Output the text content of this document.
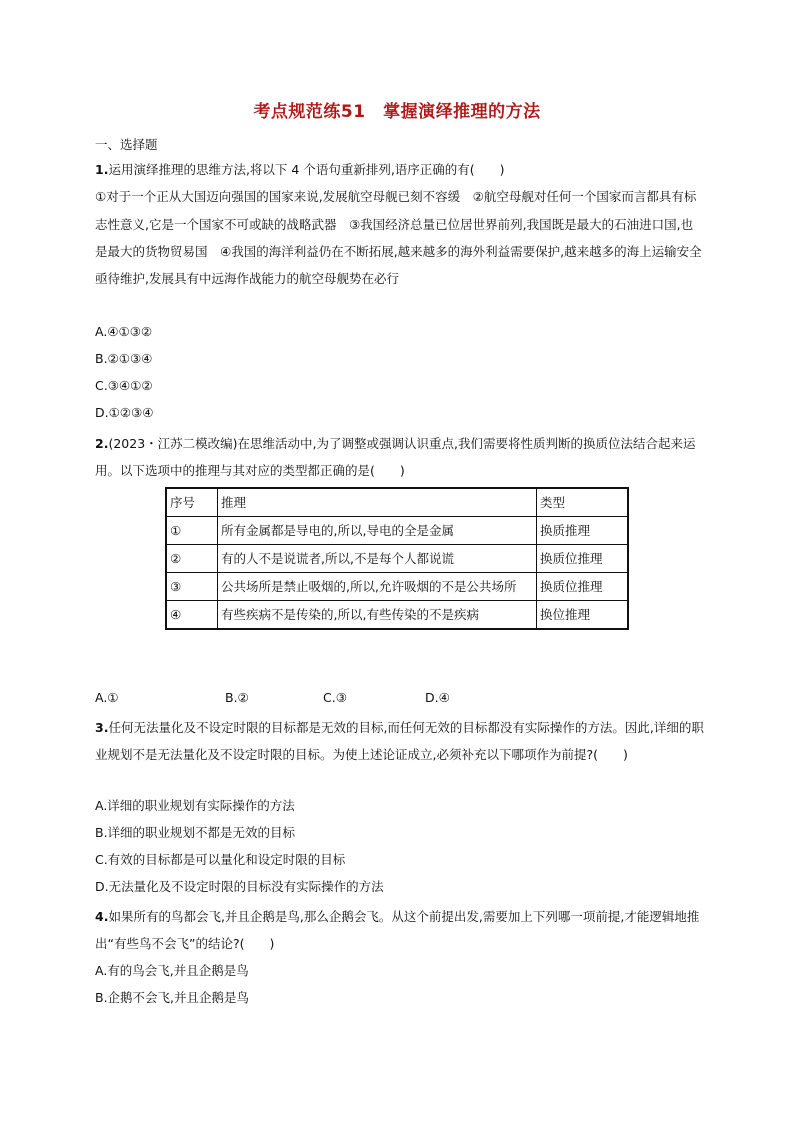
考点规范练51　掌握演绎推理的方法
一、选择题
1.运用演绎推理的思维方法,将以下 4 个语句重新排列,语序正确的有(　　)
①对于一个正从大国迈向强国的国家来说,发展航空母舰已刻不容缓　②航空母舰对任何一个国家而言都具有标志性意义,它是一个国家不可或缺的战略武器　③我国经济总量已位居世界前列,我国既是最大的石油进口国,也是最大的货物贸易国　④我国的海洋利益仍在不断拓展,越来越多的海外利益需要保护,越来越多的海上运输安全亟待维护,发展具有中远海作战能力的航空母舰势在必行
A.④①③②
B.②①③④
C.③④①②
D.①②③④
2.(2023・江苏二模改编)在思维活动中,为了调整或强调认识重点,我们需要将性质判断的换质位法结合起来运用。以下选项中的推理与其对应的类型都正确的是(　　)
序号	推理	类型
①	所有金属都是导电的,所以,导电的全是金属	换质推理
②	有的人不是说谎者,所以,不是每个人都说谎	换质位推理
③	公共场所是禁止吸烟的,所以,允许吸烟的不是公共场所	换质位推理
④	有些疾病不是传染的,所以,有些传染的不是疾病	换位推理
A.①	B.②	C.③	D.④
3.任何无法量化及不设定时限的目标都是无效的目标,而任何无效的目标都没有实际操作的方法。因此,详细的职业规划不是无法量化及不设定时限的目标。为使上述论证成立,必须补充以下哪项作为前提?(　　)
A.详细的职业规划有实际操作的方法
B.详细的职业规划不都是无效的目标
C.有效的目标都是可以量化和设定时限的目标
D.无法量化及不设定时限的目标没有实际操作的方法
4.如果所有的鸟都会飞,并且企鹅是鸟,那么企鹅会飞。从这个前提出发,需要加上下列哪一项前提,才能逻辑地推出“有些鸟不会飞”的结论?(　　)
A.有的鸟会飞,并且企鹅是鸟
B.企鹅不会飞,并且企鹅是鸟
